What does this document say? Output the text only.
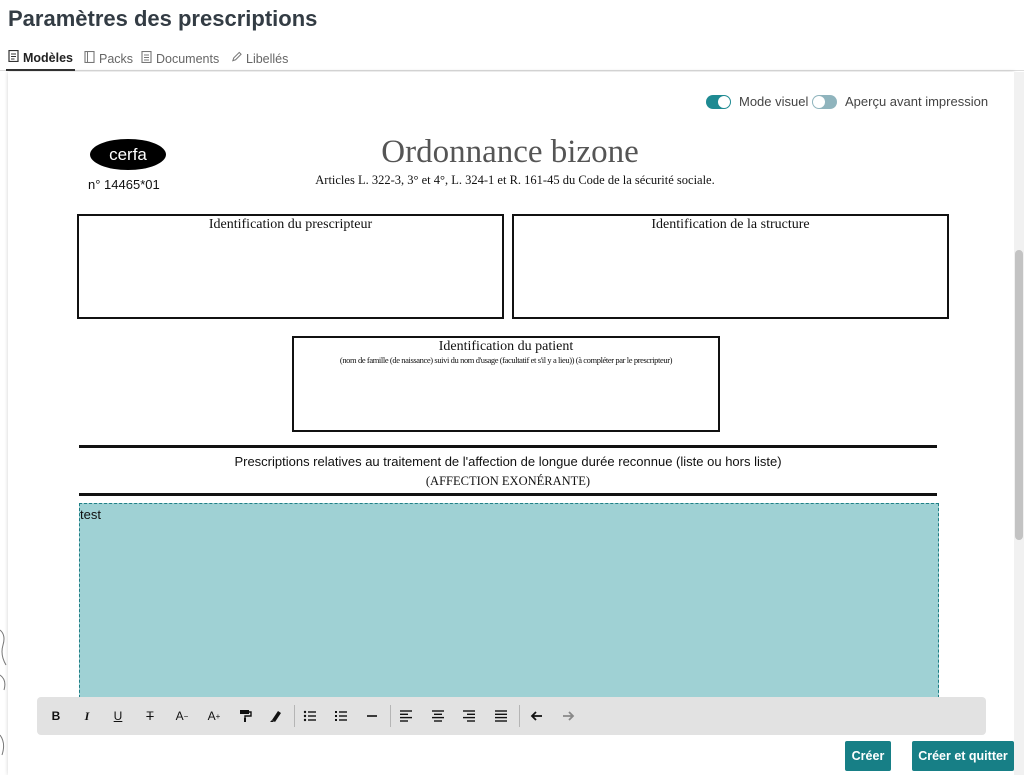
Paramètres des prescriptions
Modèles Packs Documents Libellés
Mode visuel	Aperçu avant impression
cerfa
n° 14465*01
Ordonnance bizone
Articles L. 322-3, 3° et 4°, L. 324-1 et R. 161-45 du Code de la sécurité sociale.
Identification du prescripteur	Identification de la structure
Identification du patient
(nom de famille (de naissance) suivi du nom d'usage (facultatif et s'il y a lieu)) (à compléter par le prescripteur)
Prescriptions relatives au traitement de l'affection de longue durée reconnue (liste ou hors liste)
(AFFECTION EXONÉRANTE)
test
B	I	U	T	A − A +
Créer	Créer et quitter
